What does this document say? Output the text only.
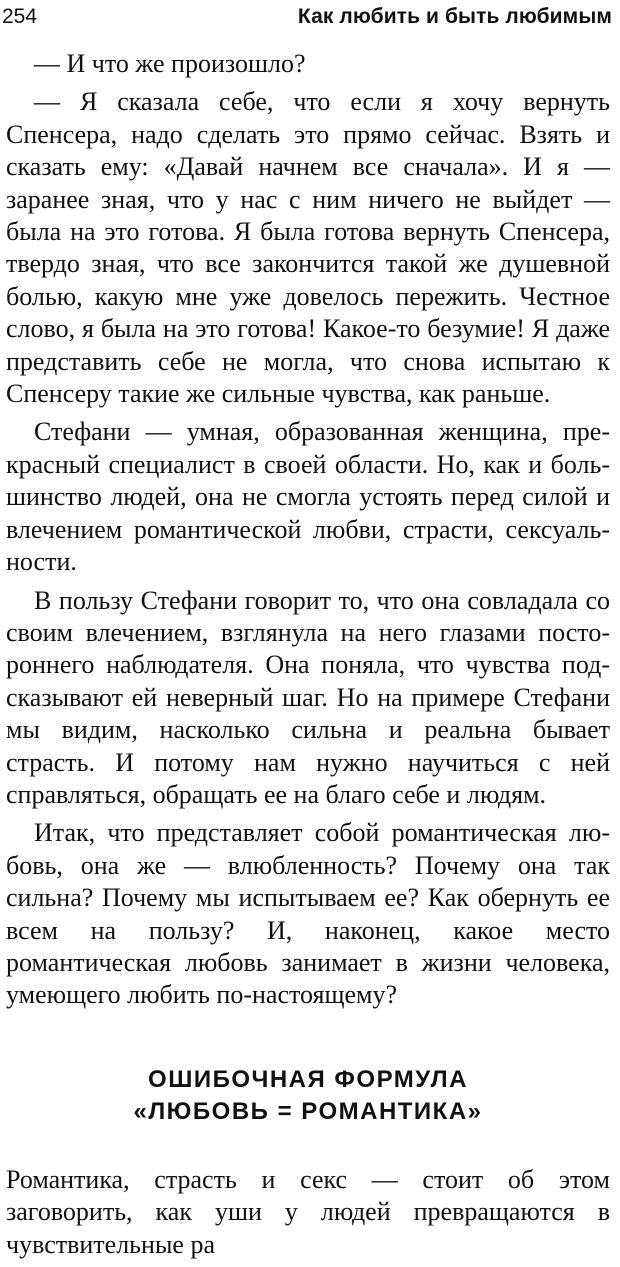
254	Как любить и быть любимым

— И что же произошло?

— Я сказала себе, что если я хочу вернуть Спенсера, надо сделать это прямо сейчас. Взять и сказать ему: «Давай начнем все сначала». И я — заранее зная, что у нас с ним ничего не выйдет — была на это готова. Я была готова вернуть Спенсера, твердо зная, что все закончится такой же душевной болью, какую мне уже довелось пережить. Честное слово, я была на это готова! Какое-то безумие! Я даже представить себе не могла, что снова испытаю к Спенсеру такие же сильные чувства, как раньше.

Стефани — умная, образованная женщина, прекрасный специалист в своей области. Но, как и большинство людей, она не смогла устоять перед силой и влечением романтической любви, страсти, сексуальности.

В пользу Стефани говорит то, что она совладала со своим влечением, взглянула на него глазами постороннего наблюдателя. Она поняла, что чувства подсказывают ей неверный шаг. Но на примере Стефани мы видим, насколько сильна и реальна бывает страсть. И потому нам нужно научиться с ней справляться, обращать ее на благо себе и людям.

Итак, что представляет собой романтическая любовь, она же — влюбленность? Почему она так сильна? Почему мы испытываем ее? Как обернуть ее всем на пользу? И, наконец, какое место романтическая любовь занимает в жизни человека, умеющего любить по-настоящему?

ОШИБОЧНАЯ ФОРМУЛА
«ЛЮБОВЬ = РОМАНТИКА»

Романтика, страсть и секс — стоит об этом заговорить, как уши у людей превращаются в чувствительные ра
